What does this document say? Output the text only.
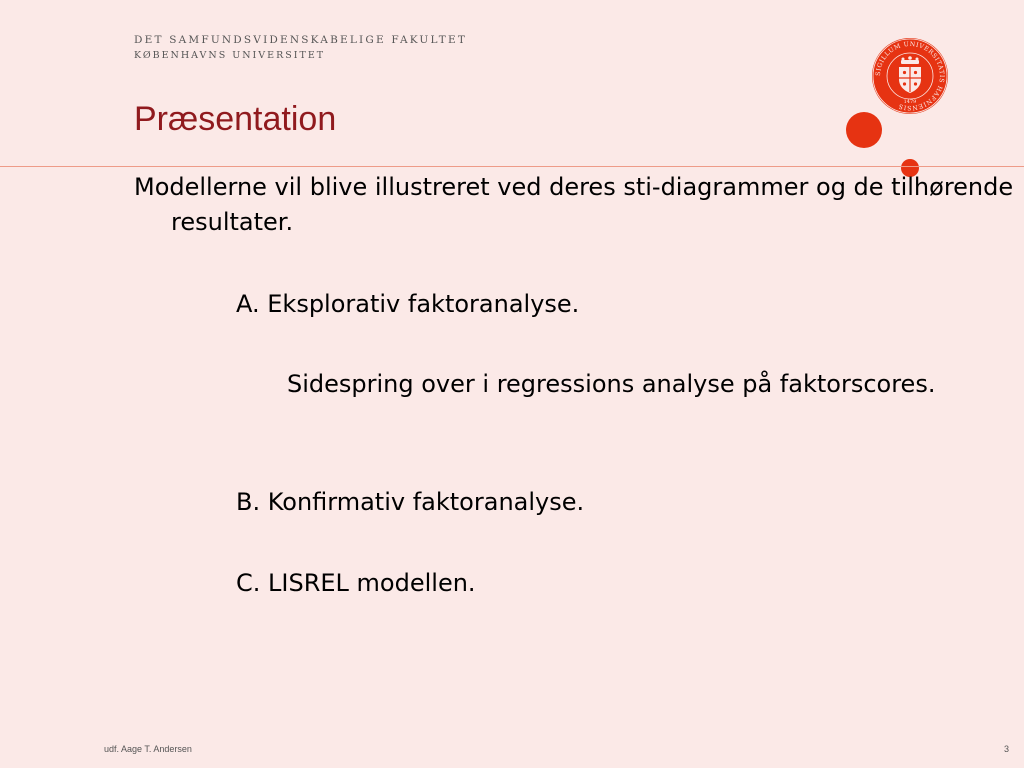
DET SAMFUNDSVIDENSKABELIGE FAKULTET
KØBENHAVNS UNIVERSITET
SIGILLUM UNIVERSITATIS HAFNIENSIS
1479
Præsentation

Modellerne vil blive illustreret ved deres sti-diagrammer og de tilhørende resultater.

A. Eksplorativ faktoranalyse.

Sidespring over i regressions analyse på faktorscores.

B. Konfirmativ faktoranalyse.

C. LISREL modellen.

udf. Aage T. Andersen	3
